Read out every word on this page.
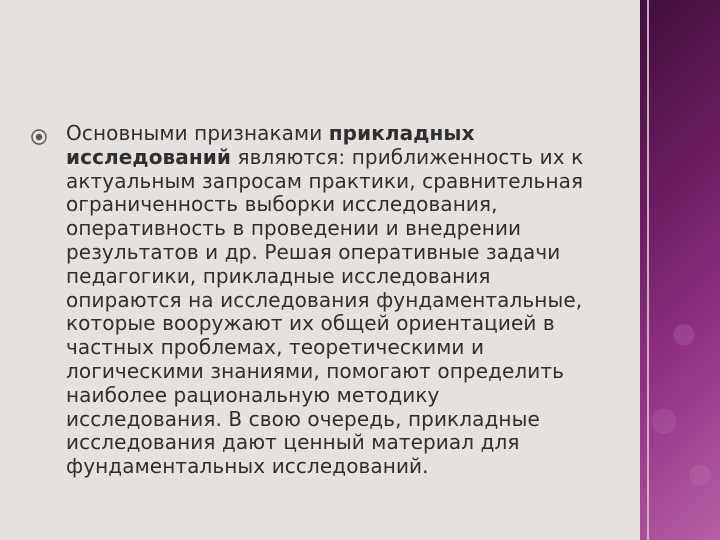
Основными признаками прикладных
исследований являются: приближенность их к
актуальным запросам практики, сравнительная
ограниченность выборки исследования,
оперативность в проведении и внедрении
результатов и др. Решая оперативные задачи
педагогики, прикладные исследования
опираются на исследования фундаментальные,
которые вооружают их общей ориентацией в
частных проблемах, теоретическими и
логическими знаниями, помогают определить
наиболее рациональную методику
исследования. В свою очередь, прикладные
исследования дают ценный материал для
фундаментальных исследований.
